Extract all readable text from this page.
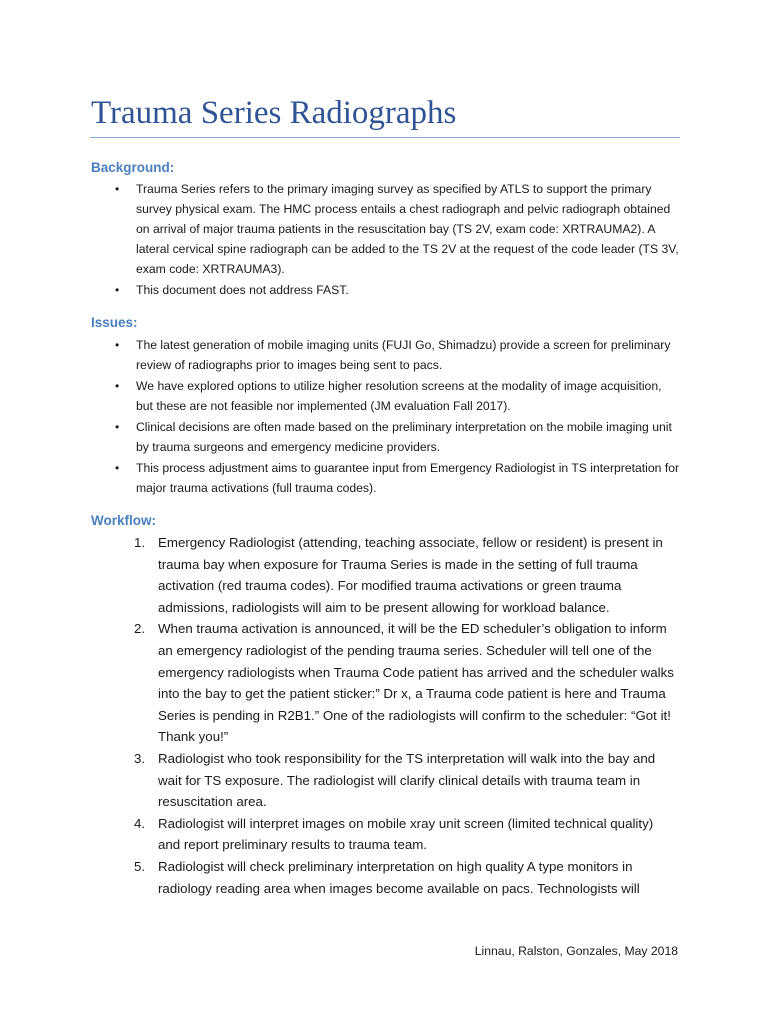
Trauma Series Radiographs
Background:
•	Trauma Series refers to the primary imaging survey as specified by ATLS to support the primary survey physical exam. The HMC process entails a chest radiograph and pelvic radiograph obtained on arrival of major trauma patients in the resuscitation bay (TS 2V, exam code: XRTRAUMA2). A lateral cervical spine radiograph can be added to the TS 2V at the request of the code leader (TS 3V, exam code: XRTRAUMA3).
•	This document does not address FAST.
Issues:
•	The latest generation of mobile imaging units (FUJI Go, Shimadzu) provide a screen for preliminary review of radiographs prior to images being sent to pacs.
•	We have explored options to utilize higher resolution screens at the modality of image acquisition, but these are not feasible nor implemented (JM evaluation Fall 2017).
•	Clinical decisions are often made based on the preliminary interpretation on the mobile imaging unit by trauma surgeons and emergency medicine providers.
•	This process adjustment aims to guarantee input from Emergency Radiologist in TS interpretation for major trauma activations (full trauma codes).
Workflow:
1. Emergency Radiologist (attending, teaching associate, fellow or resident) is present in trauma bay when exposure for Trauma Series is made in the setting of full trauma activation (red trauma codes). For modified trauma activations or green trauma admissions, radiologists will aim to be present allowing for workload balance.
2. When trauma activation is announced, it will be the ED scheduler’s obligation to inform an emergency radiologist of the pending trauma series. Scheduler will tell one of the emergency radiologists when Trauma Code patient has arrived and the scheduler walks into the bay to get the patient sticker:” Dr x, a Trauma code patient is here and Trauma Series is pending in R2B1.” One of the radiologists will confirm to the scheduler: “Got it! Thank you!”
3. Radiologist who took responsibility for the TS interpretation will walk into the bay and wait for TS exposure. The radiologist will clarify clinical details with trauma team in resuscitation area.
4. Radiologist will interpret images on mobile xray unit screen (limited technical quality) and report preliminary results to trauma team.
5. Radiologist will check preliminary interpretation on high quality A type monitors in radiology reading area when images become available on pacs. Technologists will
Linnau, Ralston, Gonzales, May 2018
